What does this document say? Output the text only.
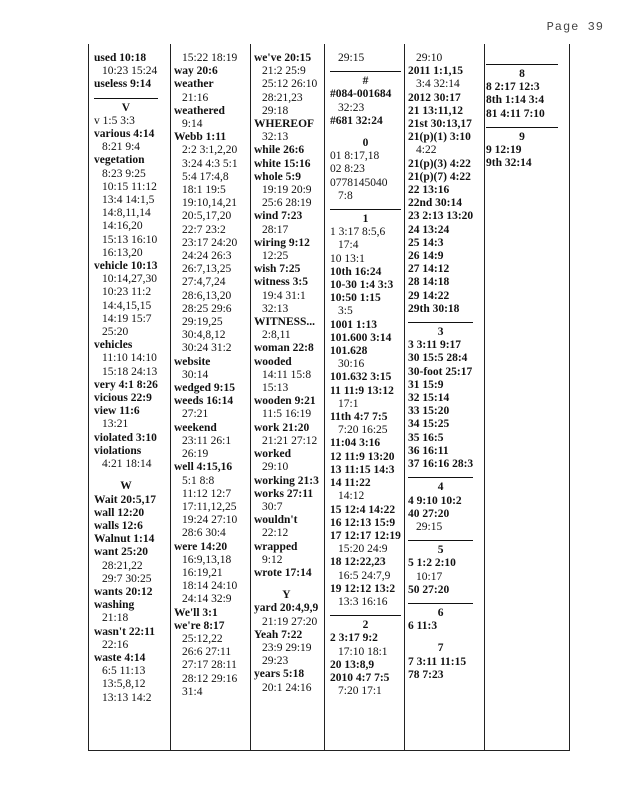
Page 39
used 10:18
10:23 15:24
useless 9:14
V
v 1:5 3:3
various 4:14
8:21 9:4
vegetation
8:23 9:25
10:15 11:12
13:4 14:1,5
14:8,11,14
14:16,20
15:13 16:10
16:13,20
vehicle 10:13
10:14,27,30
10:23 11:2
14:4,15,15
14:19 15:7
25:20
vehicles
11:10 14:10
15:18 24:13
very 4:1 8:26
vicious 22:9
view 11:6
13:21
violated 3:10
violations
4:21 18:14
W
Wait 20:5,17
wall 12:20
walls 12:6
Walnut 1:14
want 25:20
28:21,22
29:7 30:25
wants 20:12
washing
21:18
wasn't 22:11
22:16
waste 4:14
6:5 11:13
13:5,8,12
13:13 14:2
15:22 18:19
way 20:6
weather
21:16
weathered
9:14
Webb 1:11
2:2 3:1,2,20
3:24 4:3 5:1
5:4 17:4,8
18:1 19:5
19:10,14,21
20:5,17,20
22:7 23:2
23:17 24:20
24:24 26:3
26:7,13,25
27:4,7,24
28:6,13,20
28:25 29:6
29:19,25
30:4,8,12
30:24 31:2
website
30:14
wedged 9:15
weeds 16:14
27:21
weekend
23:11 26:1
26:19
well 4:15,16
5:1 8:8
11:12 12:7
17:11,12,25
19:24 27:10
28:6 30:4
were 14:20
16:9,13,18
16:19,21
18:14 24:10
24:14 32:9
We'll 3:1
we're 8:17
25:12,22
26:6 27:11
27:17 28:11
28:12 29:16
31:4
we've 20:15
21:2 25:9
25:12 26:10
28:21,23
29:18
WHEREOF
32:13
while 26:6
white 15:16
whole 5:9
19:19 20:9
25:6 28:19
wind 7:23
28:17
wiring 9:12
12:25
wish 7:25
witness 3:5
19:4 31:1
32:13
WITNESS...
2:8,11
woman 22:8
wooded
14:11 15:8
15:13
wooden 9:21
11:5 16:19
work 21:20
21:21 27:12
worked
29:10
working 21:3
works 27:11
30:7
wouldn't
22:12
wrapped
9:12
wrote 17:14
Y
yard 20:4,9,9
21:19 27:20
Yeah 7:22
23:9 29:19
29:23
years 5:18
20:1 24:16
29:15
#
#084-001684
32:23
#681 32:24
0
01 8:17,18
02 8:23
0778145040
7:8
1
1 3:17 8:5,6
17:4
10 13:1
10th 16:24
10-30 1:4 3:3
10:50 1:15
3:5
1001 1:13
101.600 3:14
101.628
30:16
101.632 3:15
11 11:9 13:12
17:1
11th 4:7 7:5
7:20 16:25
11:04 3:16
12 11:9 13:20
13 11:15 14:3
14 11:22
14:12
15 12:4 14:22
16 12:13 15:9
17 12:17 12:19
15:20 24:9
18 12:22,23
16:5 24:7,9
19 12:12 13:2
13:3 16:16
2
2 3:17 9:2
17:10 18:1
20 13:8,9
2010 4:7 7:5
7:20 17:1
29:10
2011 1:1,15
3:4 32:14
2012 30:17
21 13:11,12
21st 30:13,17
21(p)(1) 3:10
4:22
21(p)(3) 4:22
21(p)(7) 4:22
22 13:16
22nd 30:14
23 2:13 13:20
24 13:24
25 14:3
26 14:9
27 14:12
28 14:18
29 14:22
29th 30:18
3
3 3:11 9:17
30 15:5 28:4
30-foot 25:17
31 15:9
32 15:14
33 15:20
34 15:25
35 16:5
36 16:11
37 16:16 28:3
4
4 9:10 10:2
40 27:20
29:15
5
5 1:2 2:10
10:17
50 27:20
6
6 11:3
7
7 3:11 11:15
78 7:23
8
8 2:17 12:3
8th 1:14 3:4
81 4:11 7:10
9
9 12:19
9th 32:14
